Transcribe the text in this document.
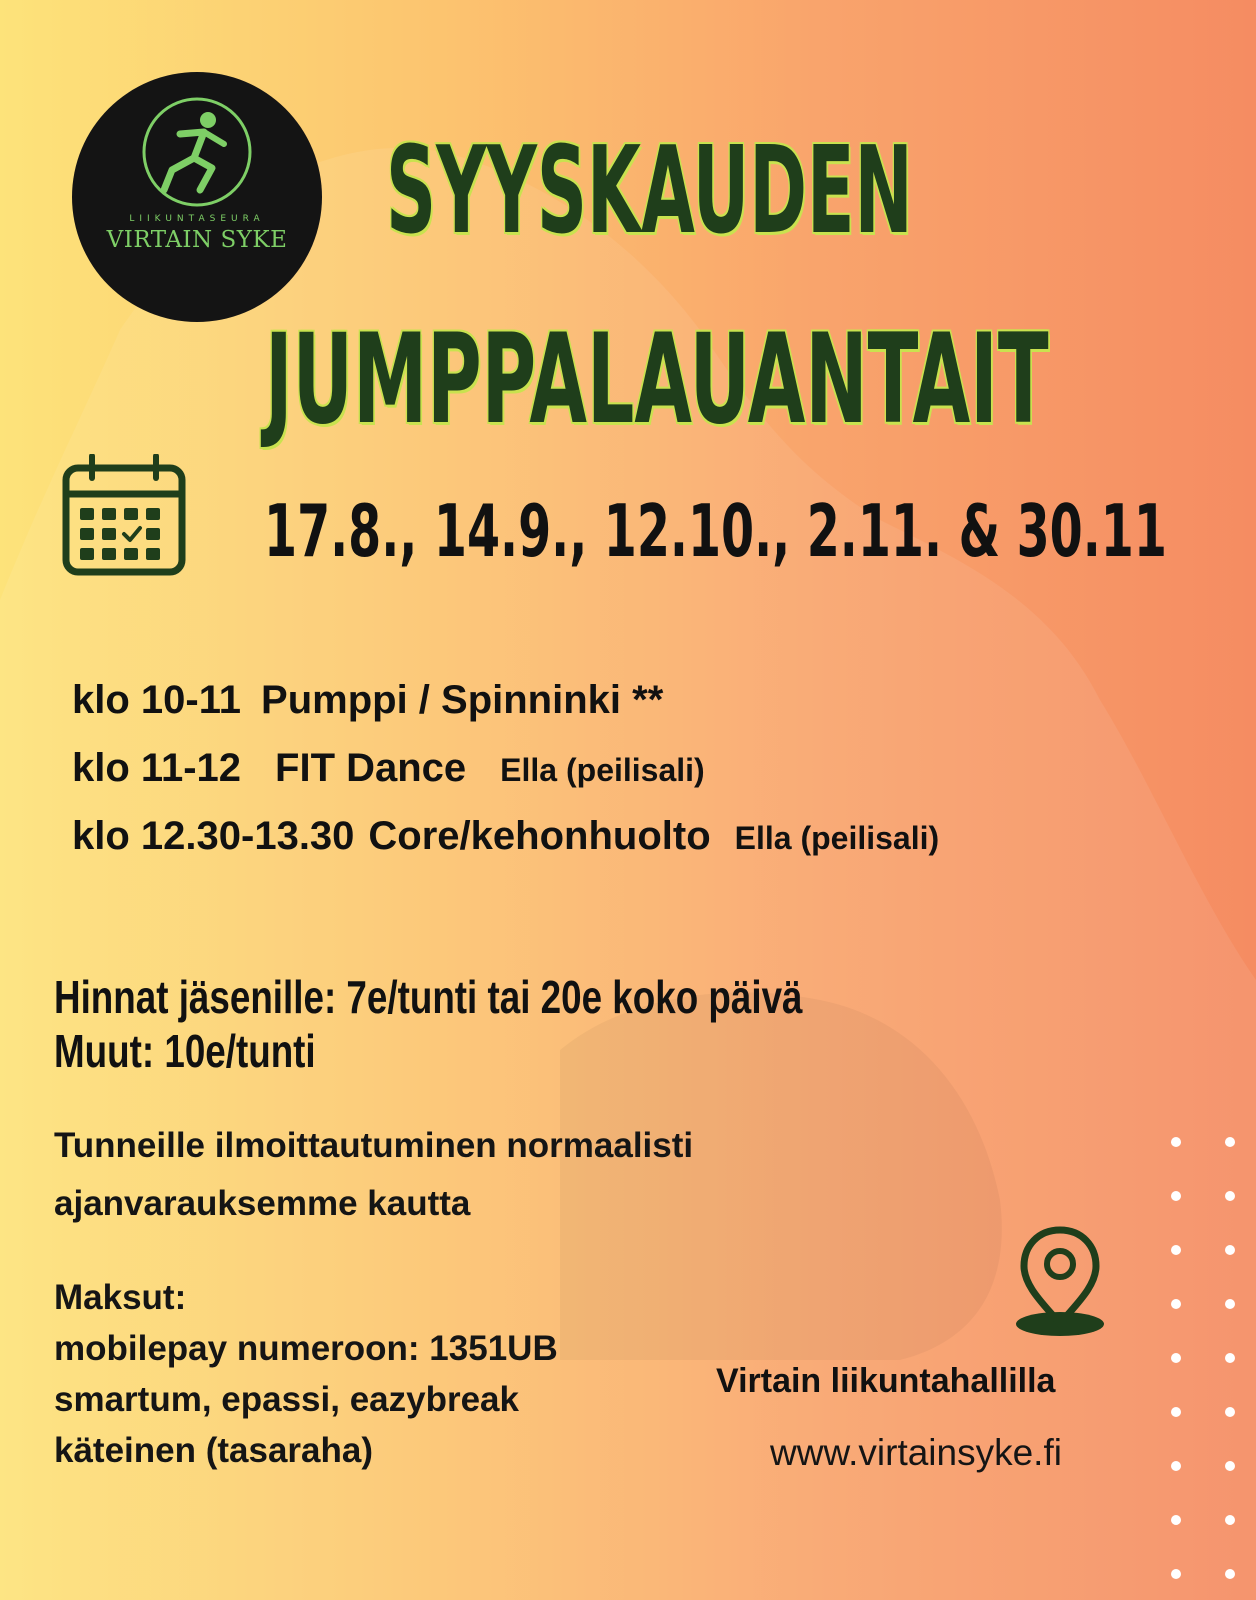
LIIKUNTASEURA
VIRTAIN SYKE SYYSKAUDEN
JUMPPALAUANTAIT
17.8., 14.9., 12.10., 2.11. & 30.11
klo 10-11 Pumppi / Spinninki **
klo 11-12 FIT Dance Ella (peilisali)
klo 12.30-13.30 Core/kehonhuolto Ella (peilisali)
Hinnat jäsenille: 7e/tunti tai 20e koko päivä
Muut: 10e/tunti
Tunneille ilmoittautuminen normaalisti
ajanvarauksemme kautta
Maksut:
mobilepay numeroon: 1351UB
smartum, epassi, eazybreak
käteinen (tasaraha)
Virtain liikuntahallilla
www.virtainsyke.fi
